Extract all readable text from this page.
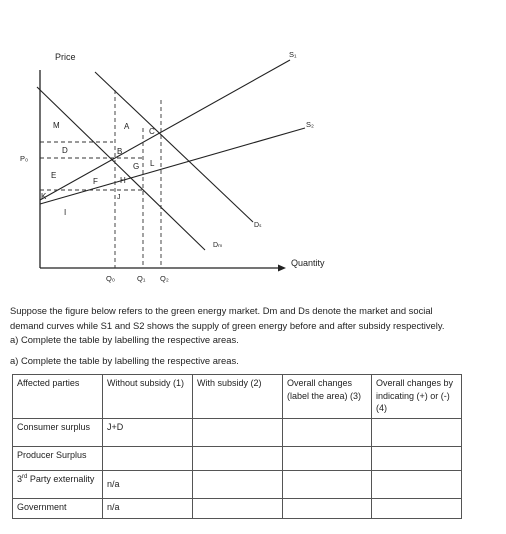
Price
Quantity
P₀
S₁
S₂
Dₛ
Dₘ
M	A
C
D	B
G L
E
F	H
K	J
I
Q₀	Q₁ Q₂
Suppose the figure below refers to the green energy market. Dm and Ds denote the market and social demand curves while S1 and S2 shows the supply of green energy before and after subsidy respectively. a) Complete the table by labelling the respective areas.
a) Complete the table by labelling the respective areas.
Affected parties	Without subsidy (1)	With subsidy (2)	Overall changes (label the area) (3)	Overall changes by indicating (+) or (-) (4)
Consumer surplus	J+D			
Producer Surplus				
3rd Party externality	n/a			
Government	n/a			
